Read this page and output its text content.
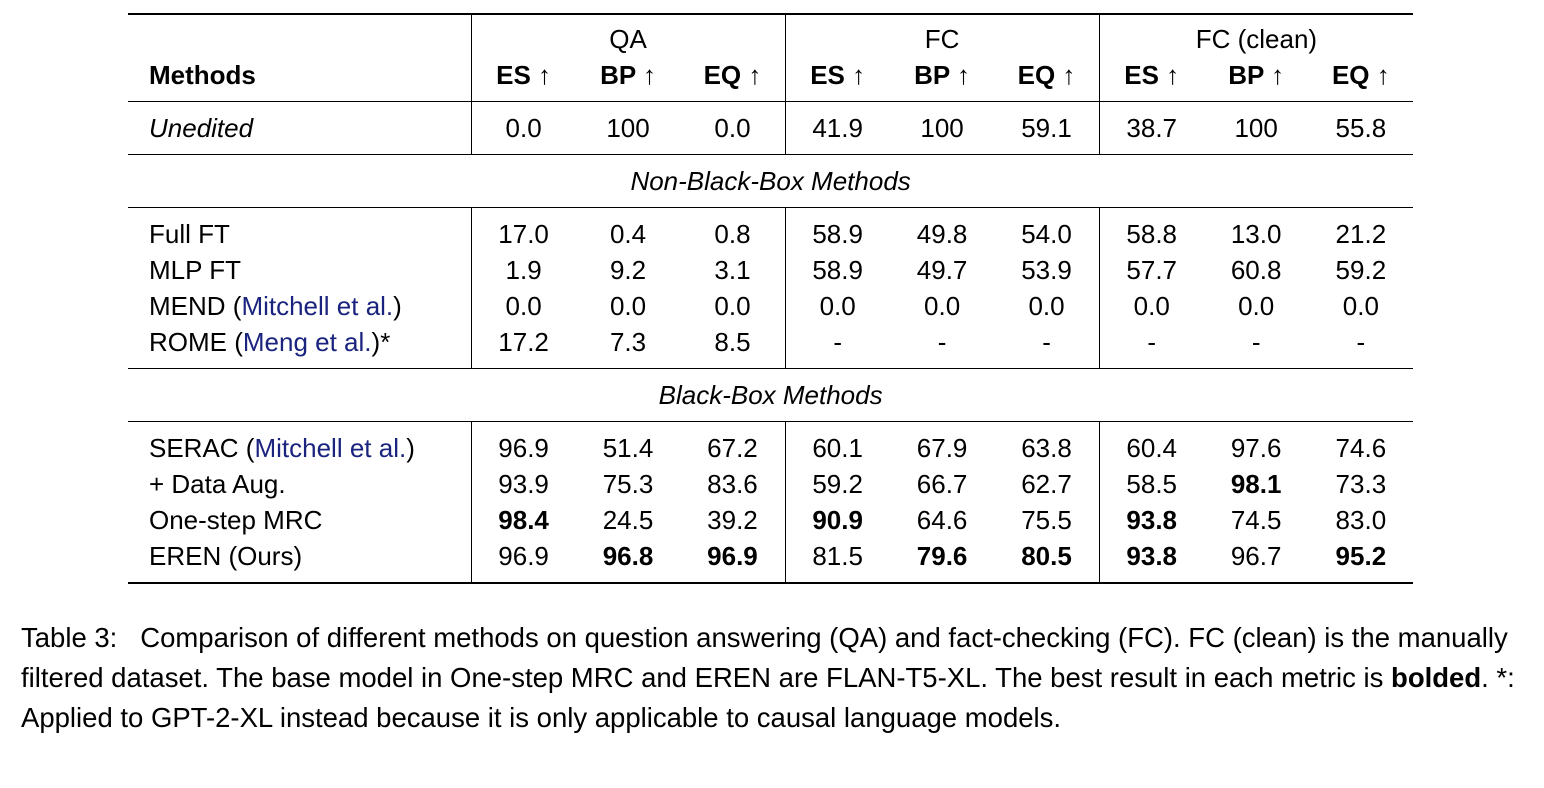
	QA			FC			FC (clean)		
Methods	ES ↑	BP ↑	EQ ↑	ES ↑	BP ↑	EQ ↑	ES ↑	BP ↑	EQ ↑
Unedited	0.0	100	0.0	41.9	100	59.1	38.7	100	55.8
Non-Black-Box Methods									
Full FT	17.0	0.4	0.8	58.9	49.8	54.0	58.8	13.0	21.2
MLP FT	1.9	9.2	3.1	58.9	49.7	53.9	57.7	60.8	59.2
MEND (Mitchell et al.)	0.0	0.0	0.0	0.0	0.0	0.0	0.0	0.0	0.0
ROME (Meng et al.)*	17.2	7.3	8.5	-	-	-	-	-	-
Black-Box Methods									
SERAC (Mitchell et al.)	96.9	51.4	67.2	60.1	67.9	63.8	60.4	97.6	74.6
+ Data Aug.	93.9	75.3	83.6	59.2	66.7	62.7	58.5	98.1	73.3
One-step MRC	98.4	24.5	39.2	90.9	64.6	75.5	93.8	74.5	83.0
EREN (Ours)	96.9	96.8	96.9	81.5	79.6	80.5	93.8	96.7	95.2

Table 3: Comparison of different methods on question answering (QA) and fact-checking (FC). FC (clean) is the manually filtered dataset. The base model in One-step MRC and EREN are FLAN-T5-XL. The best result in each metric is bolded. *: Applied to GPT-2-XL instead because it is only applicable to causal language models.
